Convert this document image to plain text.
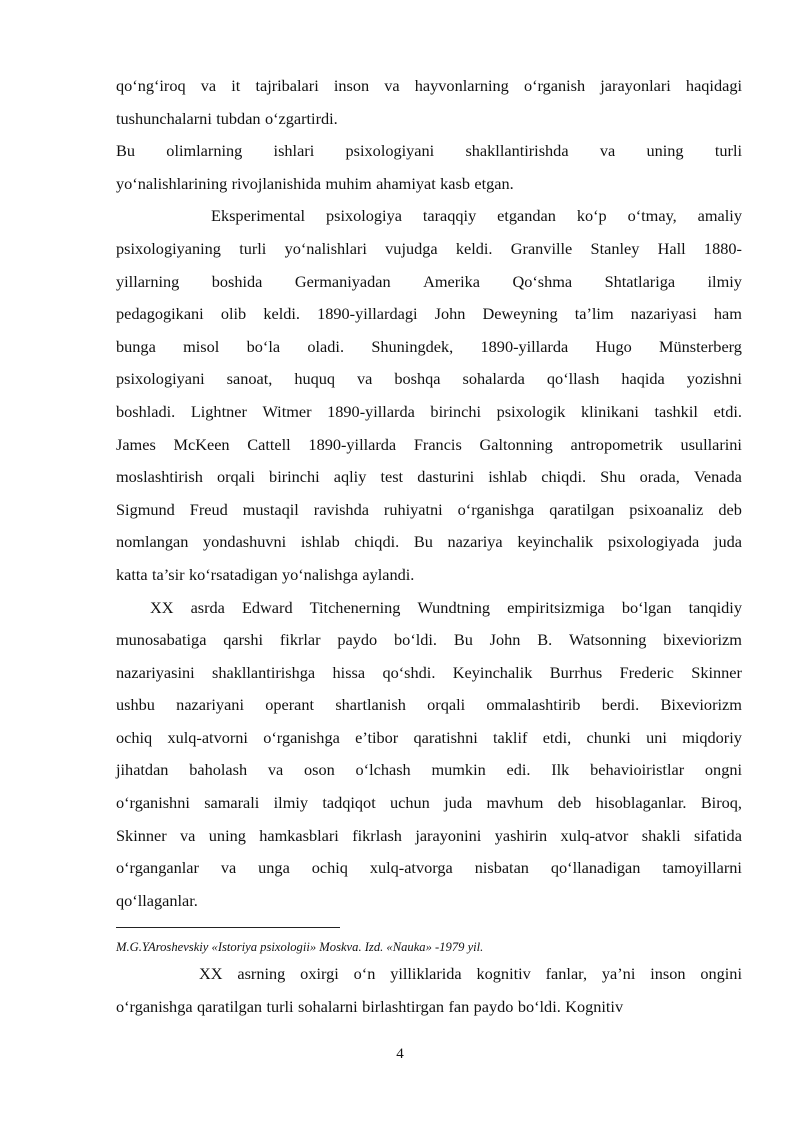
qo‘ng‘iroq va it tajribalari inson va hayvonlarning o‘rganish jarayonlari haqidagi
tushunchalarni tubdan o‘zgartirdi.
Bu olimlarning ishlari psixologiyani shakllantirishda va uning turli
yo‘nalishlarining rivojlanishida muhim ahamiyat kasb etgan.
Eksperimental psixologiya taraqqiy etgandan ko‘p o‘tmay, amaliy
psixologiyaning turli yo‘nalishlari vujudga keldi. Granville Stanley Hall 1880-
yillarning boshida Germaniyadan Amerika Qo‘shma Shtatlariga ilmiy
pedagogikani olib keldi. 1890-yillardagi John Deweyning ta’lim nazariyasi ham
bunga misol bo‘la oladi. Shuningdek, 1890-yillarda Hugo Münsterberg
psixologiyani sanoat, huquq va boshqa sohalarda qo‘llash haqida yozishni
boshladi. Lightner Witmer 1890-yillarda birinchi psixologik klinikani tashkil etdi.
James McKeen Cattell 1890-yillarda Francis Galtonning antropometrik usullarini
moslashtirish orqali birinchi aqliy test dasturini ishlab chiqdi. Shu orada, Venada
Sigmund Freud mustaqil ravishda ruhiyatni o‘rganishga qaratilgan psixoanaliz deb
nomlangan yondashuvni ishlab chiqdi. Bu nazariya keyinchalik psixologiyada juda
katta ta’sir ko‘rsatadigan yo‘nalishga aylandi.
XX asrda Edward Titchenerning Wundtning empiritsizmiga bo‘lgan tanqidiy
munosabatiga qarshi fikrlar paydo bo‘ldi. Bu John B. Watsonning bixeviorizm
nazariyasini shakllantirishga hissa qo‘shdi. Keyinchalik Burrhus Frederic Skinner
ushbu nazariyani operant shartlanish orqali ommalashtirib berdi. Bixeviorizm
ochiq xulq-atvorni o‘rganishga e’tibor qaratishni taklif etdi, chunki uni miqdoriy
jihatdan baholash va oson o‘lchash mumkin edi. Ilk behavioiristlar ongni
o‘rganishni samarali ilmiy tadqiqot uchun juda mavhum deb hisoblaganlar. Biroq,
Skinner va uning hamkasblari fikrlash jarayonini yashirin xulq-atvor shakli sifatida
o‘rganganlar va unga ochiq xulq-atvorga nisbatan qo‘llanadigan tamoyillarni
qo‘llaganlar.
M.G.YAroshevskiy «Istoriya psixologii» Moskva. Izd. «Nauka» -1979 yil.
XX asrning oxirgi o‘n yilliklarida kognitiv fanlar, ya’ni inson ongini
o‘rganishga qaratilgan turli sohalarni birlashtirgan fan paydo bo‘ldi. Kognitiv
4
